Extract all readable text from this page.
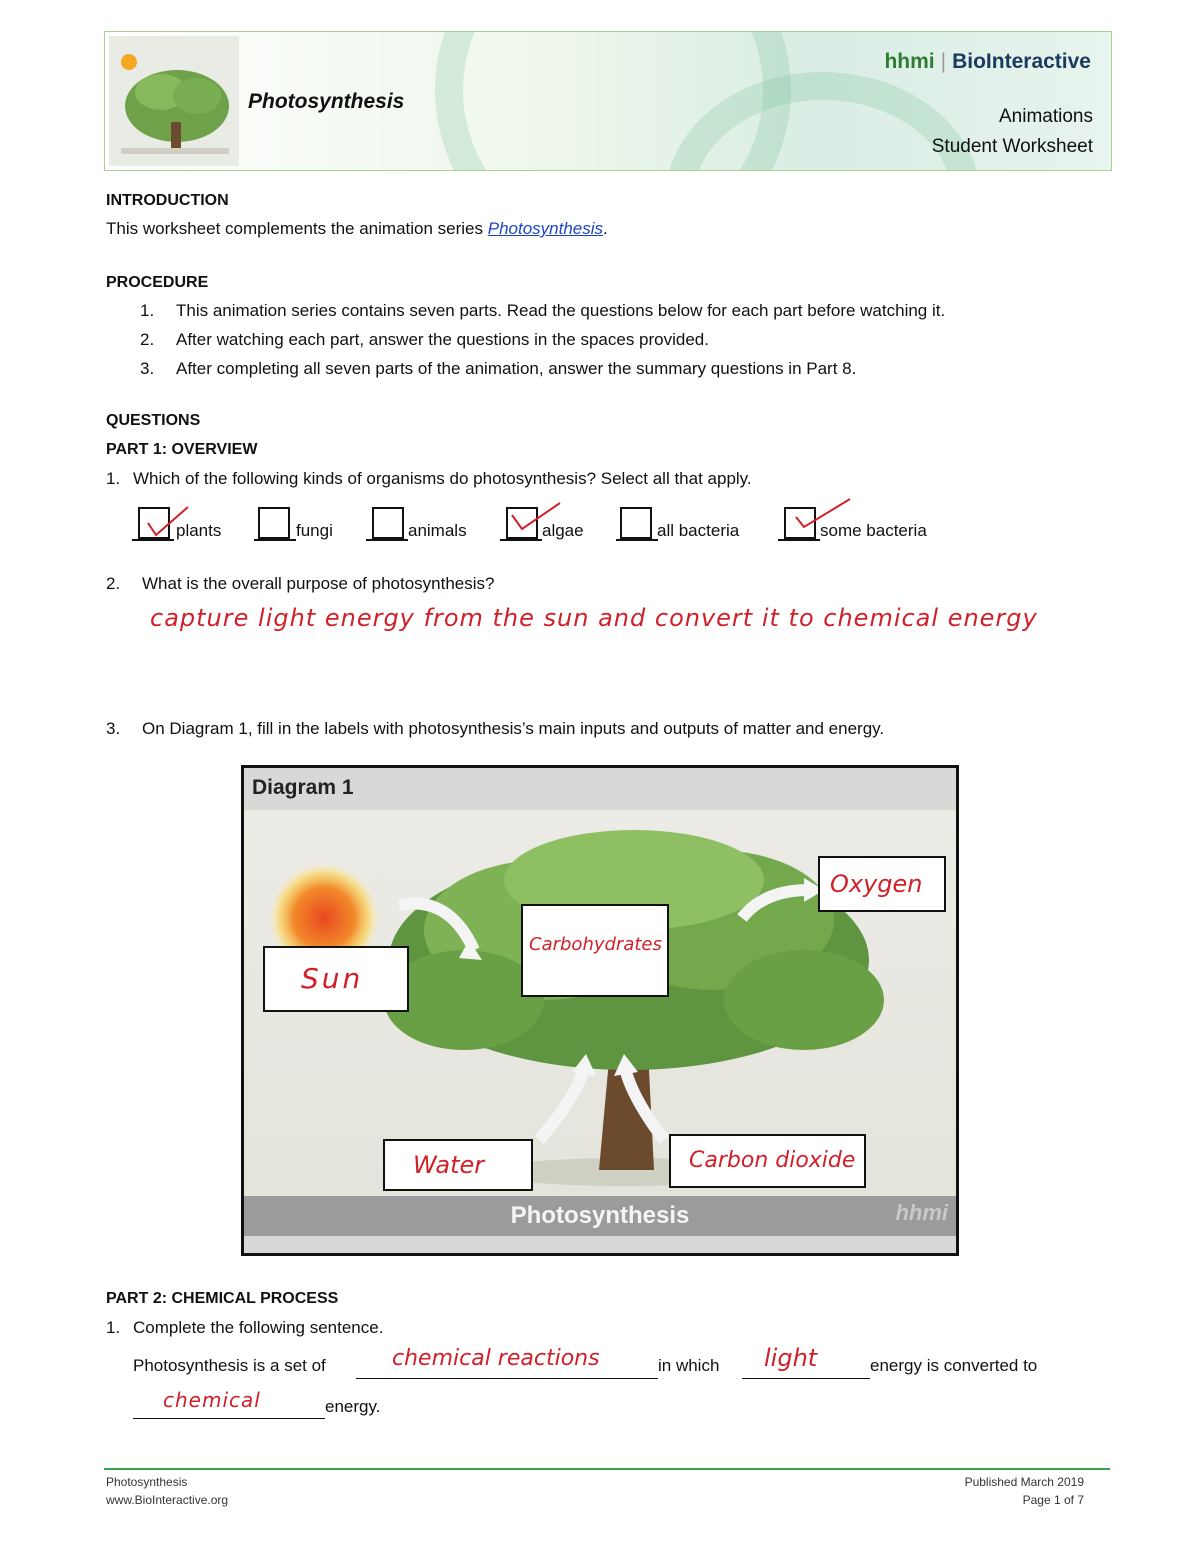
Photosynthesis
hhmi | BioInteractive
Animations
Student Worksheet
INTRODUCTION
This worksheet complements the animation series Photosynthesis.
PROCEDURE
1. This animation series contains seven parts. Read the questions below for each part before watching it.
2. After watching each part, answer the questions in the spaces provided.
3. After completing all seven parts of the animation, answer the summary questions in Part 8.
QUESTIONS
PART 1: OVERVIEW
1. Which of the following kinds of organisms do photosynthesis? Select all that apply.
plants	fungi	animals	algae	all bacteria	some bacteria
2. What is the overall purpose of photosynthesis?
capture light energy from the sun and convert it to chemical energy
3. On Diagram 1, fill in the labels with photosynthesis’s main inputs and outputs of matter and energy.
Diagram 1
Photosynthesis	hhmi
Sun
Carbohydrates
Oxygen
Water	Carbon dioxide
PART 2: CHEMICAL PROCESS
1. Complete the following sentence.
Photosynthesis is a set of	chemical reactions	in which light	energy is converted to
chemical	energy.
Photosynthesis
www.BioInteractive.org
Published March 2019
Page 1 of 7
